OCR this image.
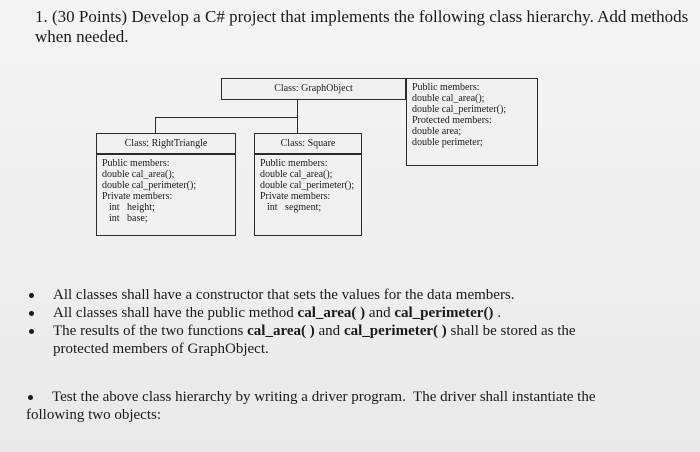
1. (30 Points) Develop a C# project that implements the following class hierarchy. Add methods
when needed.
Class: GraphObject	Public members:
double cal_area();
double cal_perimeter();
Protected members:
double area;
double perimeter;
Class: RightTriangle
Public members:
double cal_area();
double cal_perimeter();
Private members:
int   height;
int   base;
Class: Square
Public members:
double cal_area();
double cal_perimeter();
Private members:
int   segment;
All classes shall have a constructor that sets the values for the data members.
All classes shall have the public method cal_area( ) and cal_perimeter() .
The results of the two functions cal_area( ) and cal_perimeter( ) shall be stored as the
protected members of GraphObject.
Test the above class hierarchy by writing a driver program.  The driver shall instantiate the
following two objects:
